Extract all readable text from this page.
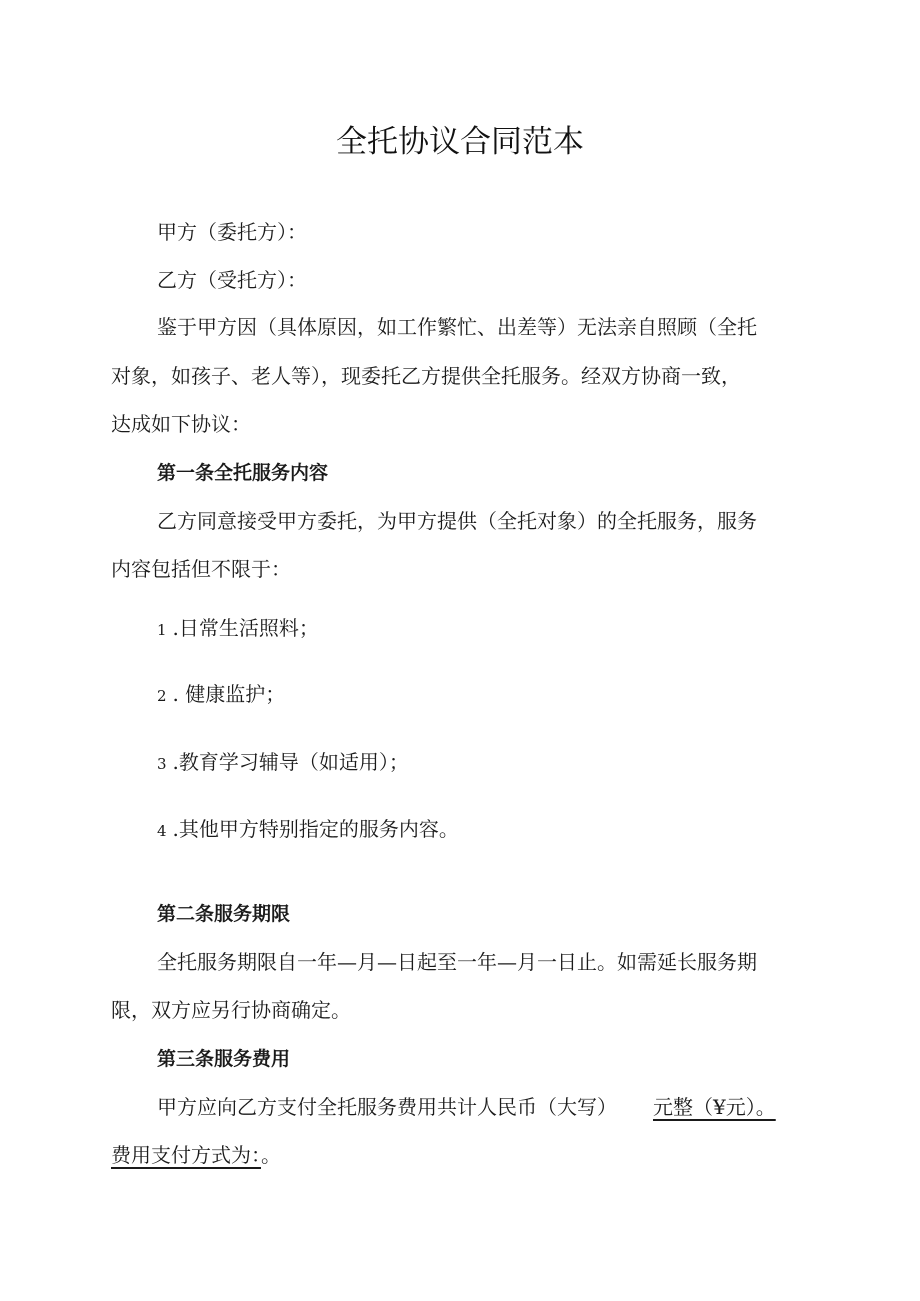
全托协议合同范本
甲方（委托方）：
乙方（受托方）：
鉴于甲方因（具体原因，如工作繁忙、出差等）无法亲自照顾（全托
对象，如孩子、老人等），现委托乙方提供全托服务。经双方协商一致，
达成如下协议：
第一条全托服务内容
乙方同意接受甲方委托，为甲方提供（全托对象）的全托服务，服务
内容包括但不限于：
1 .日常生活照料；
2 . 健康监护；
3 .教育学习辅导（如适用）；
4 .其他甲方特别指定的服务内容。
第二条服务期限
全托服务期限自一年—月—日起至一年—月一日止。如需延长服务期
限，双方应另行协商确定。
第三条服务费用
甲方应向乙方支付全托服务费用共计人民币（大写） 元整（¥元）。
费用支付方式为：。
